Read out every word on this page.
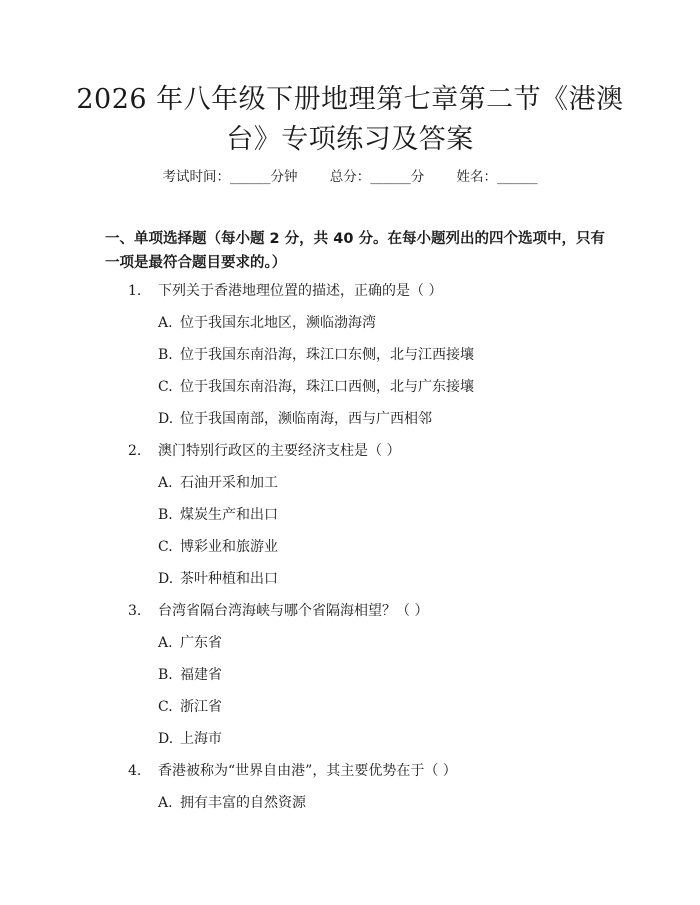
2026 年八年级下册地理第七章第二节《港澳
台》专项练习及答案
考试时间：______分钟 总分：______分 姓名：______
一、单项选择题（每小题 2 分，共 40 分。在每小题列出的四个选项中，只有一项是最符合题目要求的。）
1. 下列关于香港地理位置的描述，正确的是（ ）
A. 位于我国东北地区，濒临渤海湾
B. 位于我国东南沿海，珠江口东侧，北与江西接壤
C. 位于我国东南沿海，珠江口西侧，北与广东接壤
D. 位于我国南部，濒临南海，西与广西相邻
2. 澳门特别行政区的主要经济支柱是（ ）
A. 石油开采和加工
B. 煤炭生产和出口
C. 博彩业和旅游业
D. 茶叶种植和出口
3. 台湾省隔台湾海峡与哪个省隔海相望？（ ）
A. 广东省
B. 福建省
C. 浙江省
D. 上海市
4. 香港被称为“世界自由港”，其主要优势在于（ ）
A. 拥有丰富的自然资源
